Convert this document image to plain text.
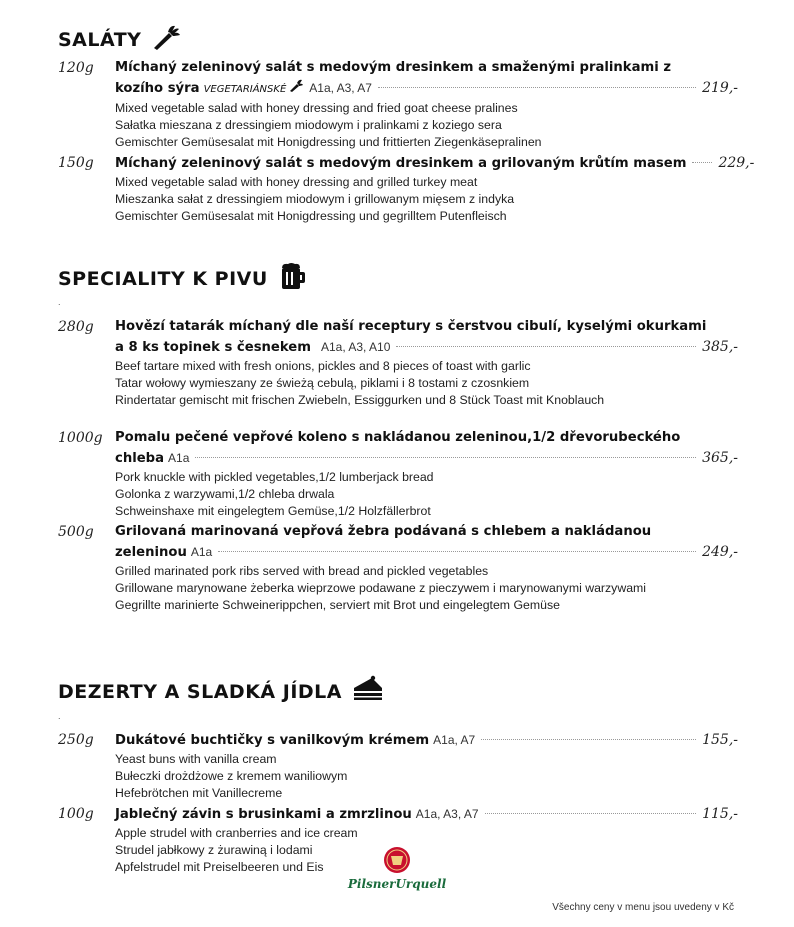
SALÁTY
120g Míchaný zeleninový salát s medovým dresinkem a smaženými pralinkami z
kozího sýra VEGETARIÁNSKÉ A1a, A3, A7	219,-
Mixed vegetable salad with honey dressing and fried goat cheese pralines
Sałatka mieszana z dressingiem miodowym i pralinkami z koziego sera
Gemischter Gemüsesalat mit Honigdressing und frittierten Ziegenkäsepralinen
150g Míchaný zeleninový salát s medovým dresinkem a grilovaným krůtím masem 229,-
Mixed vegetable salad with honey dressing and grilled turkey meat
Mieszanka sałat z dressingiem miodowym i grillowanym mięsem z indyka
Gemischter Gemüsesalat mit Honigdressing und gegrilltem Putenfleisch
SPECIALITY K PIVU
.
280g Hovězí tatarák míchaný dle naší receptury s čerstvou cibulí, kyselými okurkami
a 8 ks topinek s česnekem A1a, A3, A10	385,-
Beef tartare mixed with fresh onions, pickles and 8 pieces of toast with garlic
Tatar wołowy wymieszany ze świeżą cebulą, piklami i 8 tostami z czosnkiem
Rindertatar gemischt mit frischen Zwiebeln, Essiggurken und 8 Stück Toast mit Knoblauch
1000g Pomalu pečené vepřové koleno s nakládanou zeleninou,1/2 dřevorubeckého
chleba A1a	365,-
Pork knuckle with pickled vegetables,1/2 lumberjack bread
Golonka z warzywami,1/2 chleba drwala
Schweinshaxe mit eingelegtem Gemüse,1/2 Holzfällerbrot
500g Grilovaná marinovaná vepřová žebra podávaná s chlebem a nakládanou
zeleninou A1a	249,-
Grilled marinated pork ribs served with bread and pickled vegetables
Grillowane marynowane żeberka wieprzowe podawane z pieczywem i marynowanymi warzywami
Gegrillte marinierte Schweinerippchen, serviert mit Brot und eingelegtem Gemüse
DEZERTY A SLADKÁ JÍDLA
.
250g Dukátové buchtičky s vanilkovým krémem A1a, A7	155,-
Yeast buns with vanilla cream
Bułeczki drożdżowe z kremem waniliowym
Hefebrötchen mit Vanillecreme
100g Jablečný závin s brusinkami a zmrzlinou A1a, A3, A7	115,-
Apple strudel with cranberries and ice cream
Strudel jabłkowy z żurawiną i lodami
Apfelstrudel mit Preiselbeeren und Eis
PilsnerUrquell
Všechny ceny v menu jsou uvedeny v Kč
